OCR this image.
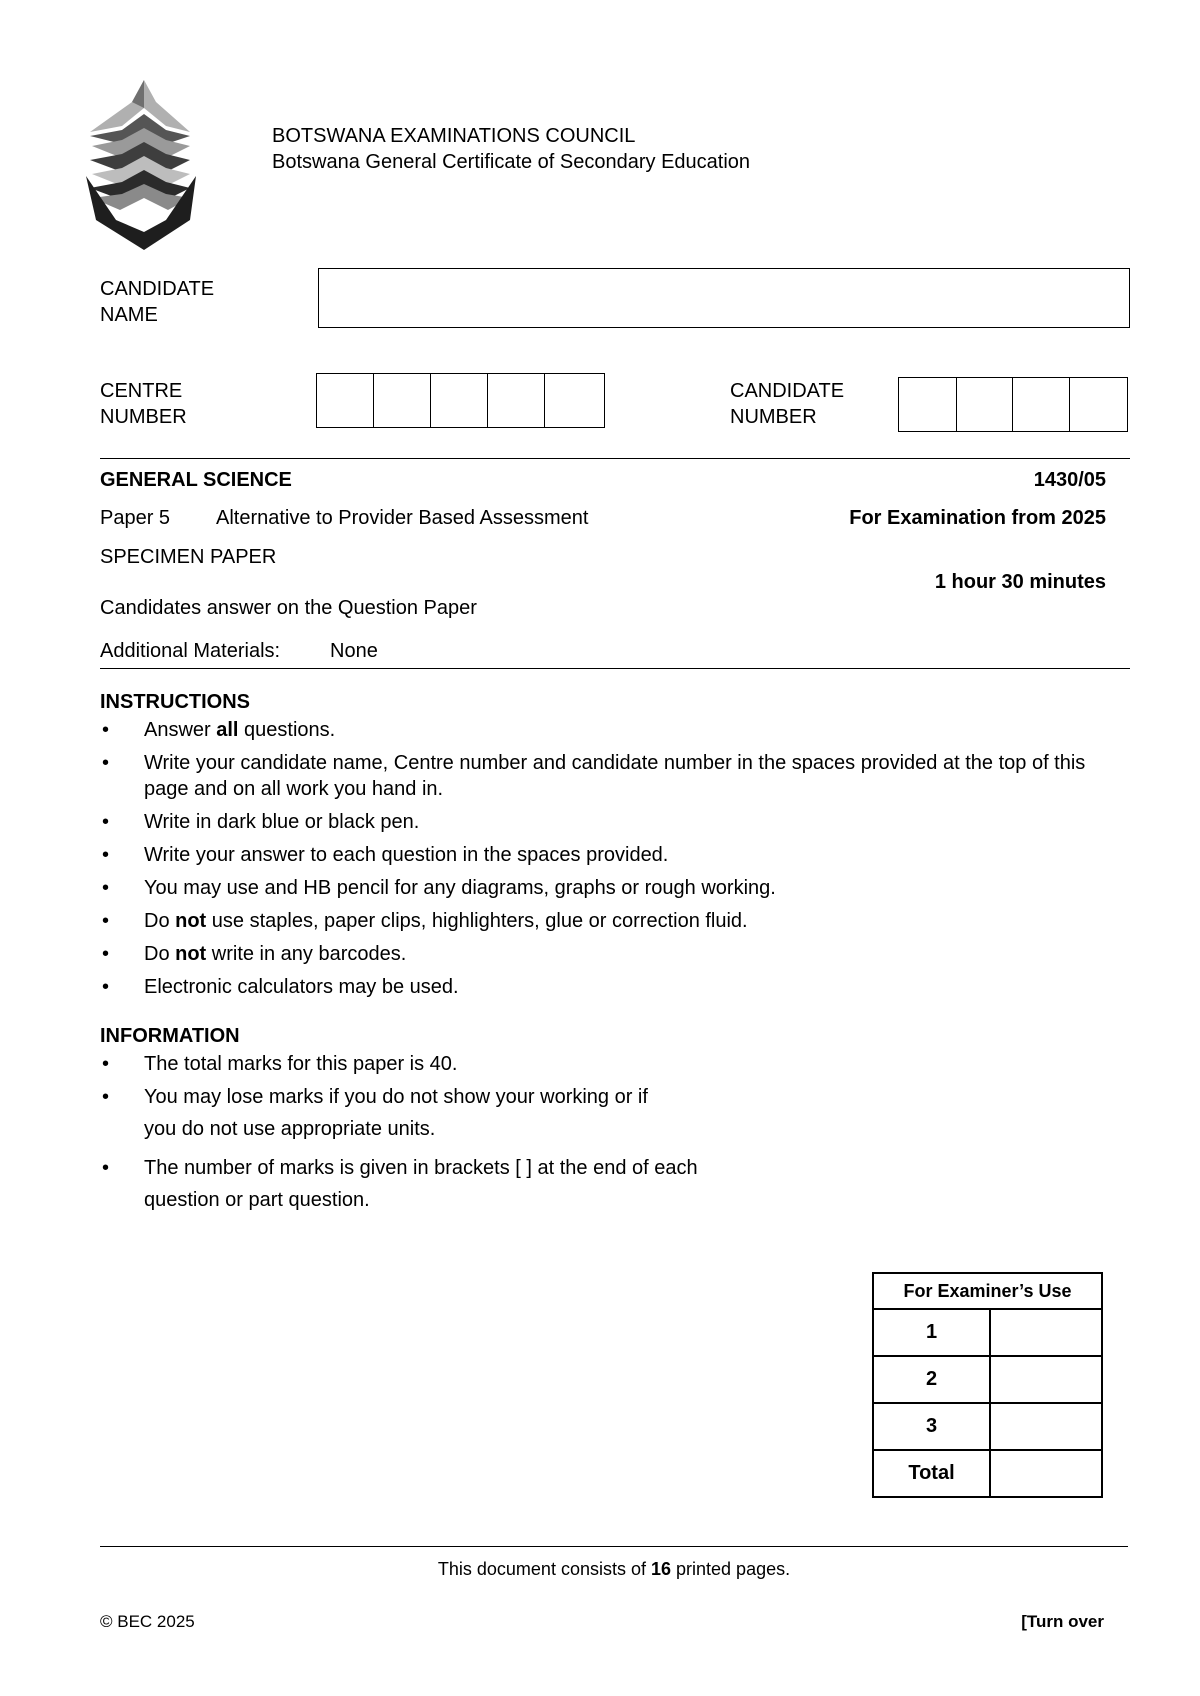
BOTSWANA EXAMINATIONS COUNCIL
Botswana General Certificate of Secondary Education
CANDIDATE
NAME
CENTRE
NUMBER
CANDIDATE
NUMBER
GENERAL SCIENCE	1430/05
Paper 5 Alternative to Provider Based Assessment	For Examination from 2025
SPECIMEN PAPER
1 hour 30 minutes
Candidates answer on the Question Paper
Additional Materials: None
INSTRUCTIONS
• Answer all questions.
• Write your candidate name, Centre number and candidate number in the spaces provided at the top of this page and on all work you hand in.
• Write in dark blue or black pen.
• Write your answer to each question in the spaces provided.
• You may use and HB pencil for any diagrams, graphs or rough working.
• Do not use staples, paper clips, highlighters, glue or correction fluid.
• Do not write in any barcodes.
• Electronic calculators may be used.
INFORMATION
• The total marks for this paper is 40.
• You may lose marks if you do not show your working or if
you do not use appropriate units.
• The number of marks is given in brackets [ ] at the end of each
question or part question.
For Examiner’s Use	
1	
2	
3	
Total	
This document consists of 16 printed pages.
© BEC 2025	[Turn over
